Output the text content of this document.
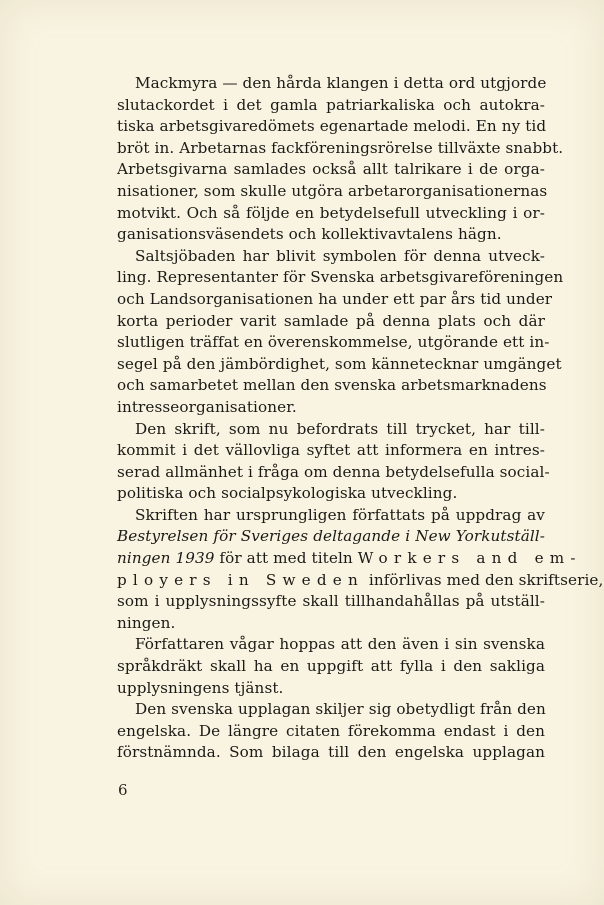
Mackmyra — den hårda klangen i detta ord utgjorde
slutackordet i det gamla patriarkaliska och autokra-
tiska arbetsgivaredömets egenartade melodi. En ny tid
bröt in. Arbetarnas fackföreningsrörelse tillväxte snabbt.
Arbetsgivarna samlades också allt talrikare i de orga-
nisationer, som skulle utgöra arbetarorganisationernas
motvikt. Och så följde en betydelsefull utveckling i or-
ganisationsväsendets och kollektivavtalens hägn.
Saltsjöbaden har blivit symbolen för denna utveck-
ling. Representanter för Svenska arbetsgivareföreningen
och Landsorganisationen ha under ett par års tid under
korta perioder varit samlade på denna plats och där
slutligen träffat en överenskommelse, utgörande ett in-
segel på den jämbördighet, som kännetecknar umgänget
och samarbetet mellan den svenska arbetsmarknadens
intresseorganisationer.
Den skrift, som nu befordrats till trycket, har till-
kommit i det vällovliga syftet att informera en intres-
serad allmänhet i fråga om denna betydelsefulla social-
politiska och socialpsykologiska utveckling.
Skriften har ursprungligen författats på uppdrag av
Bestyrelsen för Sveriges deltagande i New Yorkutställ-
ningen 1939 för att med titeln Workers and em-
ployers in Sweden införlivas med den skriftserie,
som i upplysningssyfte skall tillhandahållas på utställ-
ningen.
Författaren vågar hoppas att den även i sin svenska
språkdräkt skall ha en uppgift att fylla i den sakliga
upplysningens tjänst.
Den svenska upplagan skiljer sig obetydligt från den
engelska. De längre citaten förekomma endast i den
förstnämnda. Som bilaga till den engelska upplagan
6
